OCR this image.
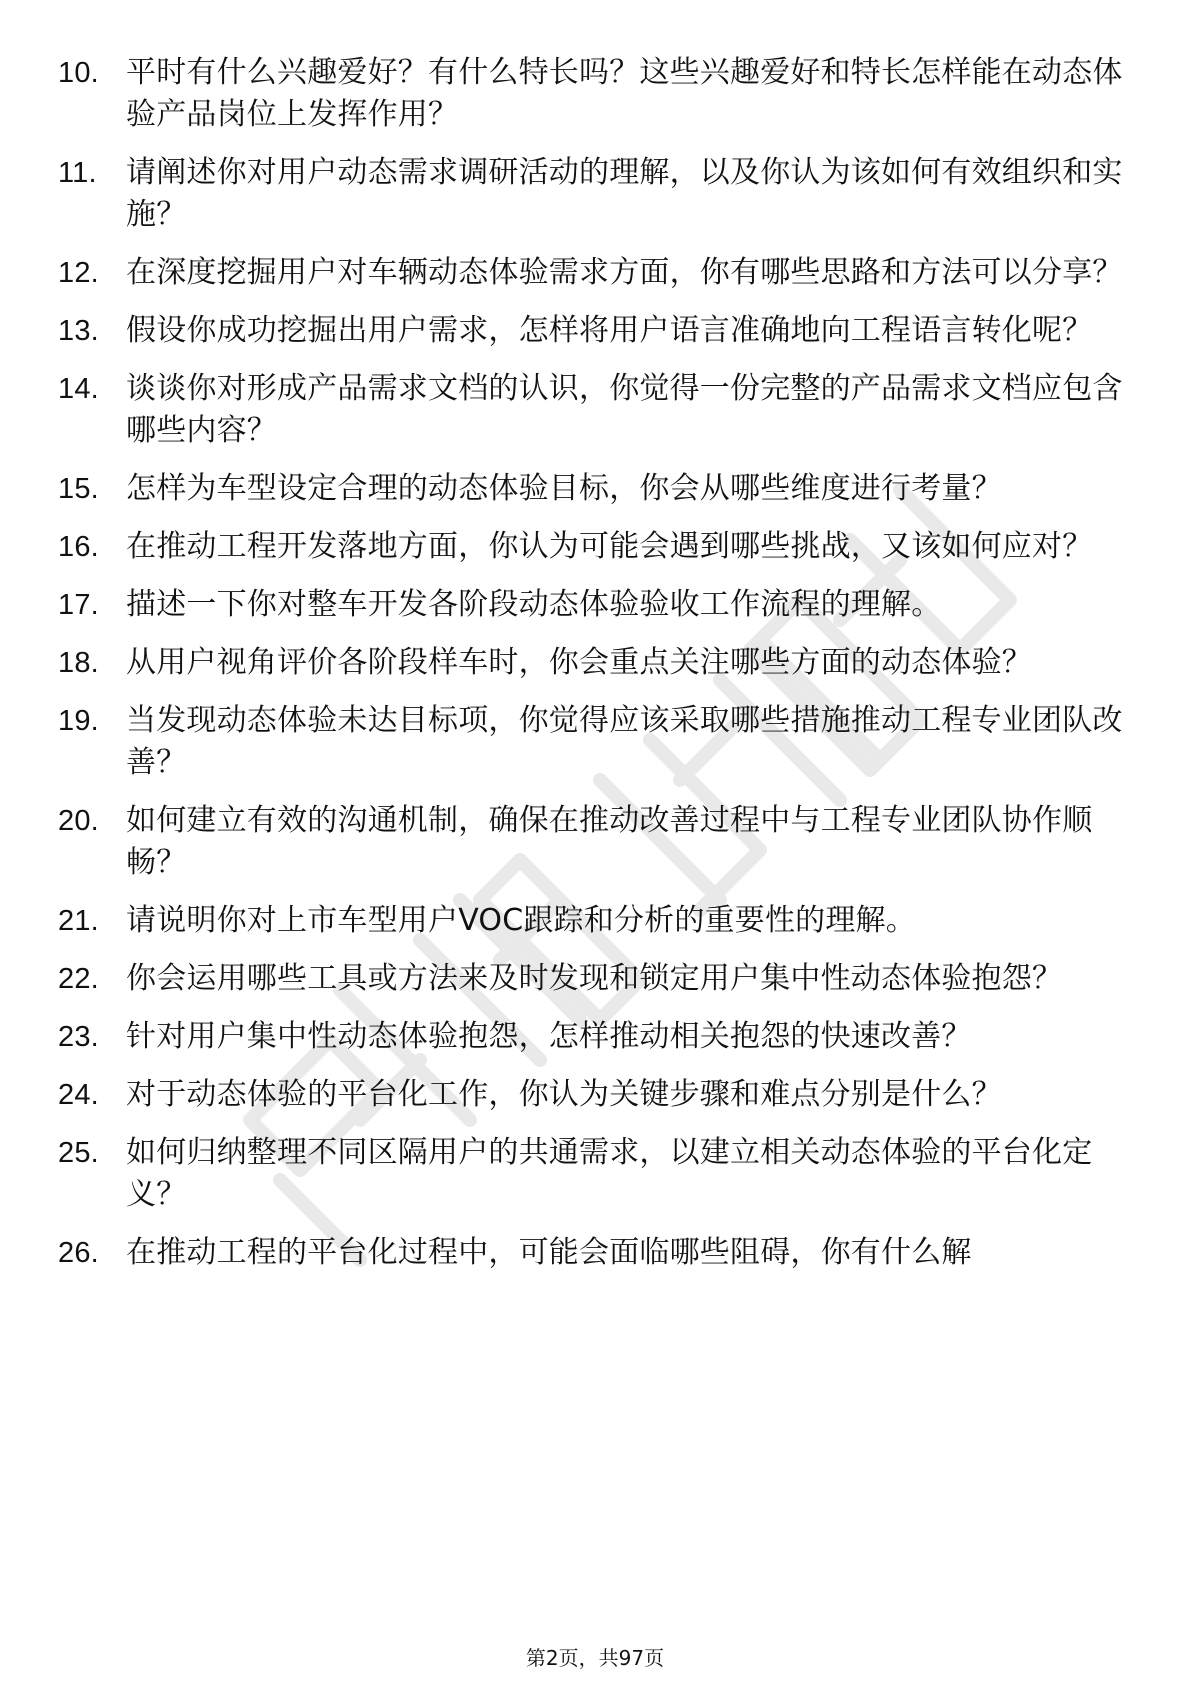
10. 平时有什么兴趣爱好？有什么特长吗？这些兴趣爱好和特长怎样能在动态体验产品岗位上发挥作用？
11. 请阐述你对用户动态需求调研活动的理解，以及你认为该如何有效组织和实施？
12. 在深度挖掘用户对车辆动态体验需求方面，你有哪些思路和方法可以分享？
13. 假设你成功挖掘出用户需求，怎样将用户语言准确地向工程语言转化呢？
14. 谈谈你对形成产品需求文档的认识，你觉得一份完整的产品需求文档应包含哪些内容？
15. 怎样为车型设定合理的动态体验目标，你会从哪些维度进行考量？
16. 在推动工程开发落地方面，你认为可能会遇到哪些挑战，又该如何应对？
17. 描述一下你对整车开发各阶段动态体验验收工作流程的理解。
18. 从用户视角评价各阶段样车时，你会重点关注哪些方面的动态体验？
19. 当发现动态体验未达目标项，你觉得应该采取哪些措施推动工程专业团队改善？
20. 如何建立有效的沟通机制，确保在推动改善过程中与工程专业团队协作顺畅？
21. 请说明你对上市车型用户VOC跟踪和分析的重要性的理解。
22. 你会运用哪些工具或方法来及时发现和锁定用户集中性动态体验抱怨？
23. 针对用户集中性动态体验抱怨，怎样推动相关抱怨的快速改善？
24. 对于动态体验的平台化工作，你认为关键步骤和难点分别是什么？
25. 如何归纳整理不同区隔用户的共通需求，以建立相关动态体验的平台化定义？
26. 在推动工程的平台化过程中，可能会面临哪些阻碍，你有什么解
第2页，共97页
